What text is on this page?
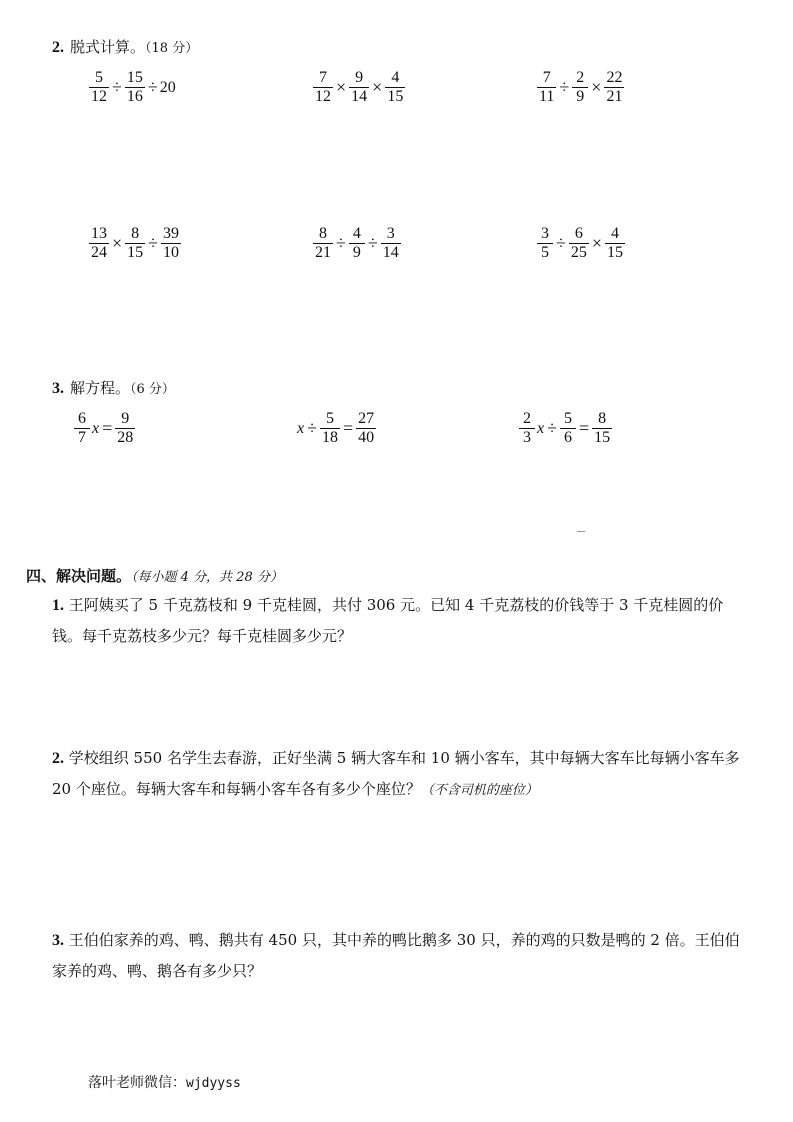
2. 脱式计算。（18 分）
$\frac{5}{12} \div \frac{15}{16} \div 20$	$\frac{7}{12} \times \frac{9}{14} \times \frac{4}{15}$	$\frac{7}{11} \div \frac{2}{9} \times \frac{22}{21}$
$\frac{13}{24} \times \frac{8}{15} \div \frac{39}{10}$	$\frac{8}{21} \div \frac{4}{9} \div \frac{3}{14}$	$\frac{3}{5} \div \frac{6}{25} \times \frac{4}{15}$
3. 解方程。（6 分）
$\frac{6}{7}$ $x = \frac{9}{28}$	$x \div \frac{5}{18} = \frac{27}{40}$	$\frac{2}{3}$ $x \div \frac{5}{6} = \frac{8}{15}$
四、解决问题。（每小题 4 分，共 28 分）
1. 王阿姨买了 5 千克荔枝和 9 千克桂圆，共付 306 元。已知 4 千克荔枝的价钱等于 3 千克桂圆的价钱。每千克荔枝多少元？每千克桂圆多少元？
2. 学校组织 550 名学生去春游，正好坐满 5 辆大客车和 10 辆小客车，其中每辆大客车比每辆小客车多 20 个座位。每辆大客车和每辆小客车各有多少个座位？（不含司机的座位）
3. 王伯伯家养的鸡、鸭、鹅共有 450 只，其中养的鸭比鹅多 30 只，养的鸡的只数是鸭的 2 倍。王伯伯家养的鸡、鸭、鹅各有多少只？
落叶老师微信：wjdyyss
